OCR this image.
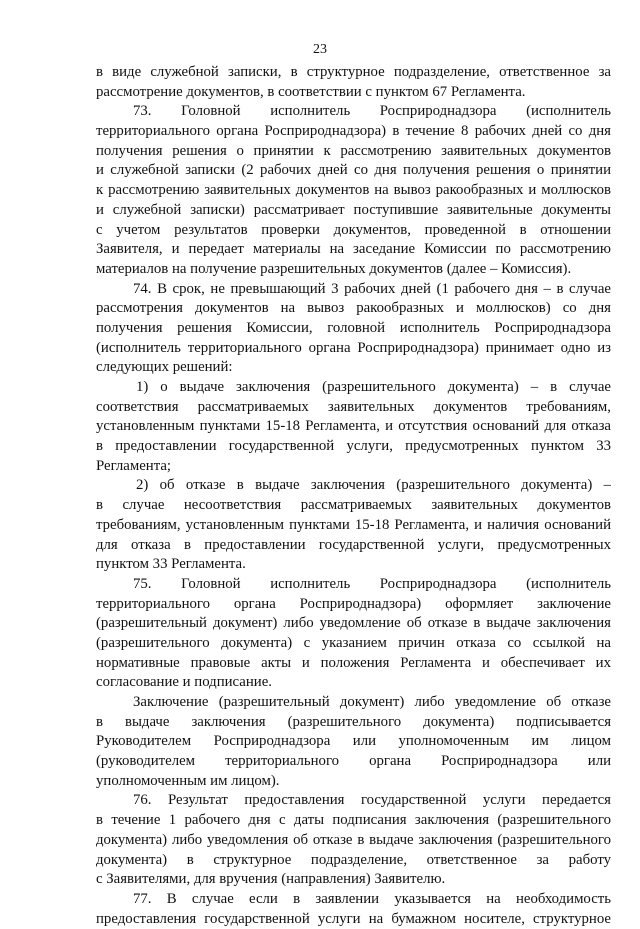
23
в виде служебной записки, в структурное подразделение, ответственное за
рассмотрение документов, в соответствии с пунктом 67 Регламента.
73. Головной исполнитель Росприроднадзора (исполнитель
территориального органа Росприроднадзора) в течение 8 рабочих дней со дня
получения решения о принятии к рассмотрению заявительных документов
и служебной записки (2 рабочих дней со дня получения решения о принятии
к рассмотрению заявительных документов на вывоз ракообразных и моллюсков
и служебной записки) рассматривает поступившие заявительные документы
с учетом результатов проверки документов, проведенной в отношении
Заявителя, и передает материалы на заседание Комиссии по рассмотрению
материалов на получение разрешительных документов (далее – Комиссия).
74. В срок, не превышающий 3 рабочих дней (1 рабочего дня – в случае
рассмотрения документов на вывоз ракообразных и моллюсков) со дня
получения решения Комиссии, головной исполнитель Росприроднадзора
(исполнитель территориального органа Росприроднадзора) принимает одно из
следующих решений:
1) о выдаче заключения (разрешительного документа) – в случае
соответствия рассматриваемых заявительных документов требованиям,
установленным пунктами 15-18 Регламента, и отсутствия оснований для отказа
в предоставлении государственной услуги, предусмотренных пунктом 33
Регламента;
2) об отказе в выдаче заключения (разрешительного документа) –
в случае несоответствия рассматриваемых заявительных документов
требованиям, установленным пунктами 15-18 Регламента, и наличия оснований
для отказа в предоставлении государственной услуги, предусмотренных
пунктом 33 Регламента.
75. Головной исполнитель Росприроднадзора (исполнитель
территориального органа Росприроднадзора) оформляет заключение
(разрешительный документ) либо уведомление об отказе в выдаче заключения
(разрешительного документа) с указанием причин отказа со ссылкой на
нормативные правовые акты и положения Регламента и обеспечивает их
согласование и подписание.
Заключение (разрешительный документ) либо уведомление об отказе
в выдаче заключения (разрешительного документа) подписывается
Руководителем Росприроднадзора или уполномоченным им лицом
(руководителем территориального органа Росприроднадзора или
уполномоченным им лицом).
76. Результат предоставления государственной услуги передается
в течение 1 рабочего дня с даты подписания заключения (разрешительного
документа) либо уведомления об отказе в выдаче заключения (разрешительного
документа) в структурное подразделение, ответственное за работу
с Заявителями, для вручения (направления) Заявителю.
77. В случае если в заявлении указывается на необходимость
предоставления государственной услуги на бумажном носителе, структурное
